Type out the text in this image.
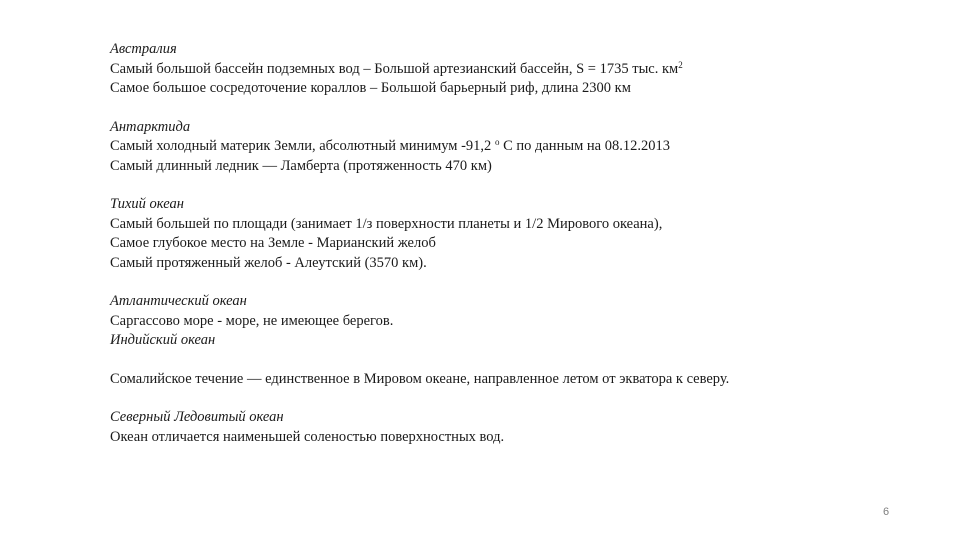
Австралия
Самый большой бассейн подземных вод – Большой артезианский бассейн, S = 1735 тыс. $км^2$
Самое большое сосредоточение кораллов – Большой барьерный риф, длина 2300 км
Антарктида
Самый холодный материк Земли, абсолютный минимум -91,2 $^о$ С по данным на 08.12.2013
Самый длинный ледник — Ламберта (протяженность 470 км)
Тихий океан
Самый большей по площади (занимает 1/з поверхности планеты и 1/2 Мирового океана),
Самое глубокое место на Земле - Марианский желоб
Самый протяженный желоб - Алеутский (3570 км).
Атлантический океан
Саргассово море - море, не имеющее берегов.
Индийский океан
Сомалийское течение — единственное в Мировом океане, направленное летом от экватора к северу.
Северный Ледовитый океан
Океан отличается наименьшей соленостью поверхностных вод.
6
